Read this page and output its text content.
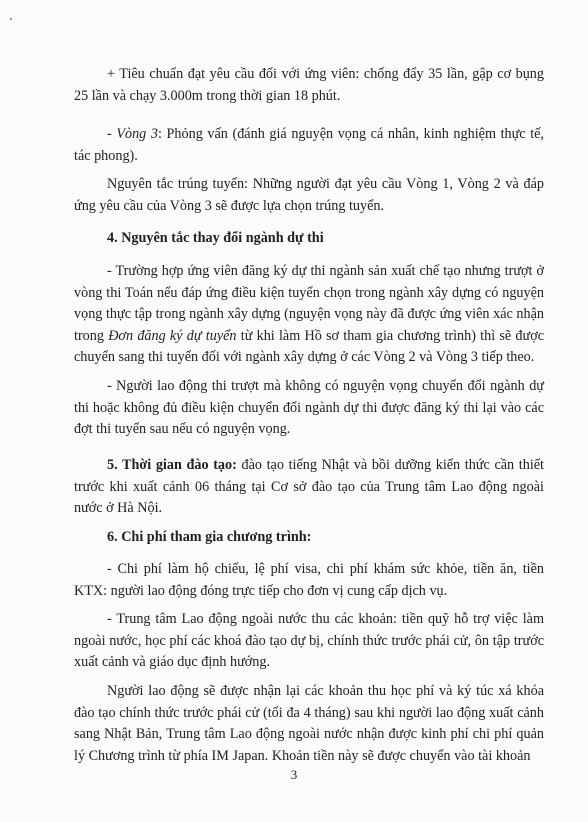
+ Tiêu chuẩn đạt yêu cầu đối với ứng viên: chống đẩy 35 lần, gập cơ bụng 25 lần và chạy 3.000m trong thời gian 18 phút.

- Vòng 3: Phỏng vấn (đánh giá nguyện vọng cá nhân, kinh nghiệm thực tế, tác phong).

Nguyên tắc trúng tuyển: Những người đạt yêu cầu Vòng 1, Vòng 2 và đáp ứng yêu cầu của Vòng 3 sẽ được lựa chọn trúng tuyển.

4. Nguyên tắc thay đổi ngành dự thi

- Trường hợp ứng viên đăng ký dự thi ngành sản xuất chế tạo nhưng trượt ở vòng thi Toán nếu đáp ứng điều kiện tuyển chọn trong ngành xây dựng có nguyện vọng thực tập trong ngành xây dựng (nguyện vọng này đã được ứng viên xác nhận trong Đơn đăng ký dự tuyển từ khi làm Hồ sơ tham gia chương trình) thì sẽ được chuyển sang thi tuyển đối với ngành xây dựng ở các Vòng 2 và Vòng 3 tiếp theo.

- Người lao động thi trượt mà không có nguyện vọng chuyển đổi ngành dự thi hoặc không đủ điều kiện chuyển đổi ngành dự thi được đăng ký thi lại vào các đợt thi tuyển sau nếu có nguyện vọng.

5. Thời gian đào tạo: đào tạo tiếng Nhật và bồi dưỡng kiến thức cần thiết trước khi xuất cảnh 06 tháng tại Cơ sở đào tạo của Trung tâm Lao động ngoài nước ở Hà Nội.

6. Chi phí tham gia chương trình:

- Chi phí làm hộ chiếu, lệ phí visa, chi phí khám sức khỏe, tiền ăn, tiền KTX: người lao động đóng trực tiếp cho đơn vị cung cấp dịch vụ.

- Trung tâm Lao động ngoài nước thu các khoản: tiền quỹ hỗ trợ việc làm ngoài nước, học phí các khoá đào tạo dự bị, chính thức trước phái cử, ôn tập trước xuất cảnh và giáo dục định hướng.

Người lao động sẽ được nhận lại các khoản thu học phí và ký túc xá khóa đào tạo chính thức trước phái cử (tối đa 4 tháng) sau khi người lao động xuất cảnh sang Nhật Bản, Trung tâm Lao động ngoài nước nhận được kinh phí chi phí quản lý Chương trình từ phía IM Japan. Khoản tiền này sẽ được chuyển vào tài khoản

3
